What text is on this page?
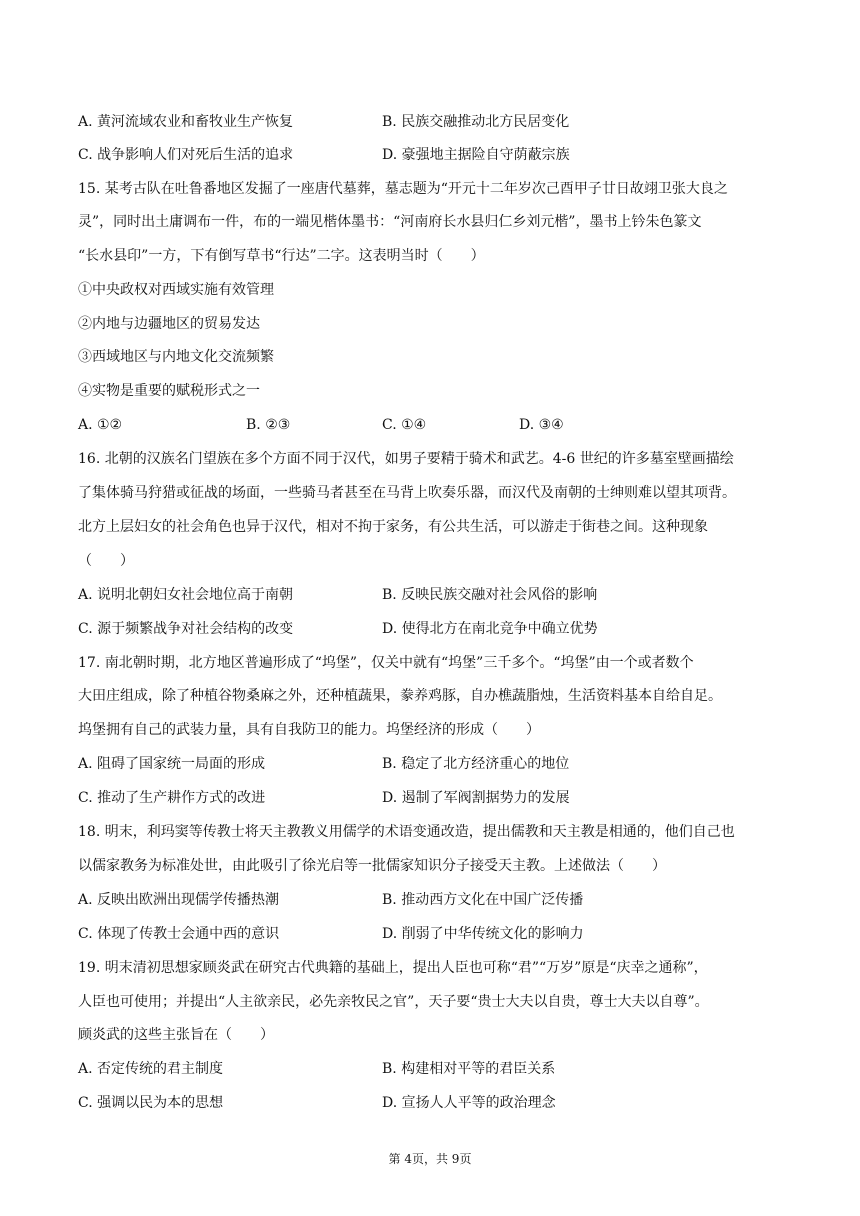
A. 黄河流域农业和畜牧业生产恢复	B. 民族交融推动北方民居变化
C. 战争影响人们对死后生活的追求	D. 豪强地主据险自守荫蔽宗族
15. 某考古队在吐鲁番地区发掘了一座唐代墓葬，墓志题为“开元十二年岁次己酉甲子廿日故翊卫张大良之
灵”，同时出土庸调布一件，布的一端见楷体墨书：“河南府长水县归仁乡刘元楷”，墨书上钤朱色篆文
“长水县印”一方，下有倒写草书“行达”二字。这表明当时（　　）
①中央政权对西域实施有效管理
②内地与边疆地区的贸易发达
③西域地区与内地文化交流频繁
④实物是重要的赋税形式之一
A. ①②	B. ②③	C. ①④	D. ③④
16. 北朝的汉族名门望族在多个方面不同于汉代，如男子要精于骑术和武艺。4-6 世纪的许多墓室壁画描绘
了集体骑马狩猎或征战的场面，一些骑马者甚至在马背上吹奏乐器，而汉代及南朝的士绅则难以望其项背。
北方上层妇女的社会角色也异于汉代，相对不拘于家务，有公共生活，可以游走于街巷之间。这种现象
（　　）
A. 说明北朝妇女社会地位高于南朝	B. 反映民族交融对社会风俗的影响
C. 源于频繁战争对社会结构的改变	D. 使得北方在南北竞争中确立优势
17. 南北朝时期，北方地区普遍形成了“坞堡”，仅关中就有“坞堡”三千多个。“坞堡”由一个或者数个
大田庄组成，除了种植谷物桑麻之外，还种植蔬果，豢养鸡豚，自办樵蔬脂烛，生活资料基本自给自足。
坞堡拥有自己的武装力量，具有自我防卫的能力。坞堡经济的形成（　　）
A. 阻碍了国家统一局面的形成	B. 稳定了北方经济重心的地位
C. 推动了生产耕作方式的改进	D. 遏制了军阀割据势力的发展
18. 明末，利玛窦等传教士将天主教教义用儒学的术语变通改造，提出儒教和天主教是相通的，他们自己也
以儒家教务为标准处世，由此吸引了徐光启等一批儒家知识分子接受天主教。上述做法（　　）
A. 反映出欧洲出现儒学传播热潮	B. 推动西方文化在中国广泛传播
C. 体现了传教士会通中西的意识	D. 削弱了中华传统文化的影响力
19. 明末清初思想家顾炎武在研究古代典籍的基础上，提出人臣也可称“君”“万岁”原是“庆幸之通称”，
人臣也可使用；并提出“人主欲亲民，必先亲牧民之官”，天子要“贵士大夫以自贵，尊士大夫以自尊”。
顾炎武的这些主张旨在（　　）
A. 否定传统的君主制度	B. 构建相对平等的君臣关系
C. 强调以民为本的思想	D. 宣扬人人平等的政治理念
第 4页，共 9页
